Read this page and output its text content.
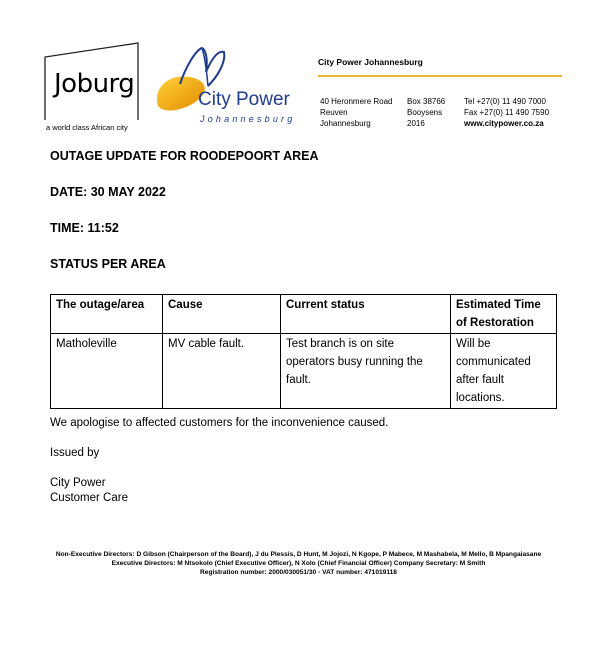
Joburg
a world class African city
City Power
Johannesburg
City Power Johannesburg
40 Heronmere Road
Reuven
Johannesburg
Box 38766
Booysens
2016
Tel +27(0) 11 490 7000
Fax +27(0) 11 490 7590
www.citypower.co.za
OUTAGE UPDATE FOR ROODEPOORT AREA
DATE: 30 MAY 2022
TIME: 11:52
STATUS PER AREA
The outage/area	Cause	Current status	Estimated Time
of Restoration
Matholeville	MV cable fault.	Test branch is on site
operators busy running the
fault.	Will be
communicated
after fault
locations.
We apologise to affected customers for the inconvenience caused.
Issued by
City Power
Customer Care
Non-Executive Directors: D Gibson (Chairperson of the Board), J du Plessis, D Hunt, M Jojozi, N Kgope, P Mabece, M Mashabela, M Mello, B Mpangaiasane
Executive Directors: M Ntsokolo (Chief Executive Officer), N Xolo (Chief Financial Officer) Company Secretary: M Smith
Registration number: 2000/030051/30 - VAT number: 471019118
